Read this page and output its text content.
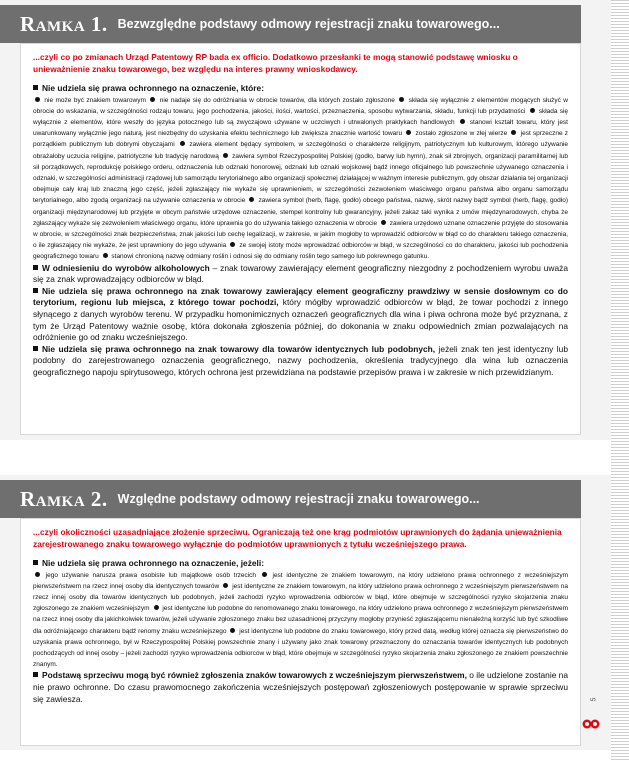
Ramka 1. Bezwzględne podstawy odmowy rejestracji znaku towarowego...
...czyli co po zmianach Urząd Patentowy RP bada ex officio. Dodatkowo przesłanki te mogą stanowić podstawę wniosku o unieważnienie znaku towarowego, bez względu na interes prawny wnioskodawcy.
Nie udziela się prawa ochronnego na oznaczenie, które:
nie może być znakiem towarowym nie nadaje się do odróżniania w obrocie towarów, dla których zostało zgłoszone składa się wyłącznie z elementów mogących służyć w obrocie do wskazania, w szczególności rodzaju towaru, jego pochodzenia, jakości, ilości, wartości, przeznaczenia, sposobu wytwarzania, składu, funkcji lub przydatności składa się wyłącznie z elementów, które weszły do języka potocznego lub są zwyczajowo używane w uczciwych i utrwalonych praktykach handlowych stanowi kształt towaru, który jest uwarunkowany wyłącznie jego naturą, jest niezbędny do uzyskania efektu technicznego lub zwiększa znacznie wartość towaru zostało zgłoszone w złej wierze jest sprzeczne z porządkiem publicznym lub dobrymi obyczajami zawiera element będący symbolem, w szczególności o charakterze religijnym, patriotycznym lub kulturowym, którego używanie obrażałoby uczucia religijne, patriotyczne lub tradycję narodową zawiera symbol Rzeczypospolitej Polskiej (godło, barwy lub hymn), znak sił zbrojnych, organizacji paramilitarnej lub sił porządkowych, reprodukcję polskiego orderu, odznaczenia lub odznaki honorowej, odznaki lub oznaki wojskowej bądź innego oficjalnego lub powszechnie używanego oznaczenia i odznaki, w szczególności administracji rządowej lub samorządu terytorialnego albo organizacji społecznej działającej w ważnym interesie publicznym, gdy obszar działania tej organizacji obejmuje cały kraj lub znaczną jego część, jeżeli zgłaszający nie wykaże się uprawnieniem, w szczególności zezwoleniem właściwego organu państwa albo organu samorządu terytorialnego, albo zgodą organizacji na używanie oznaczenia w obrocie zawiera symbol (herb, flagę, godło) obcego państwa, nazwę, skrót nazwy bądź symbol (herb, flagę, godło) organizacji międzynarodowej lub przyjęte w obcym państwie urzędowe oznaczenie, stempel kontrolny lub gwarancyjny, jeżeli zakaz taki wynika z umów międzynarodowych, chyba że zgłaszający wykaże się zezwoleniem właściwego organu, które uprawnia go do używania takiego oznaczenia w obrocie zawiera urzędowo uznane oznaczenie przyjęte do stosowania w obrocie, w szczególności znak bezpieczeństwa, znak jakości lub cechę legalizacji, w zakresie, w jakim mogłoby to wprowadzić odbiorców w błąd co do charakteru takiego oznaczenia, o ile zgłaszający nie wykaże, że jest uprawniony do jego używania ze swojej istoty może wprowadzać odbiorców w błąd, w szczególności co do charakteru, jakości lub pochodzenia geograficznego towaru stanowi chronioną nazwę odmiany roślin i odnosi się do odmiany roślin tego samego lub pokrewnego gatunku.
W odniesieniu do wyrobów alkoholowych – znak towarowy zawierający element geograficzny niezgodny z pochodzeniem wyrobu uważa się za znak wprowadzający odbiorców w błąd.
Nie udziela się prawa ochronnego na znak towarowy zawierający element geograficzny prawdziwy w sensie dosłownym co do terytorium, regionu lub miejsca, z którego towar pochodzi, który mógłby wprowadzić odbiorców w błąd, że towar pochodzi z innego słynącego z danych wyrobów terenu. W przypadku homonimicznych oznaczeń geograficznych dla wina i piwa ochrona może być przyznana, z tym że Urząd Patentowy ważnie osobę, która dokonała zgłoszenia później, do dokonania w znaku odpowiednich zmian pozwalających na odróżnienie go od znaku wcześniejszego.
Nie udziela się prawa ochronnego na znak towarowy dla towarów identycznych lub podobnych, jeżeli znak ten jest identyczny lub podobny do zarejestrowanego oznaczenia geograficznego, nazwy pochodzenia, określenia tradycyjnego dla wina lub oznaczenia geograficznego napoju spirytusowego, których ochrona jest przewidziana na podstawie przepisów prawa i w zakresie w nich przewidzianym.
Ramka 2. Względne podstawy odmowy rejestracji znaku towarowego...
...czyli okoliczności uzasadniające złożenie sprzeciwu. Ograniczają też one krąg podmiotów uprawnionych do żądania unieważnienia zarejestrowanego znaku towarowego wyłącznie do podmiotów uprawnionych z tytułu wcześniejszego prawa.
Nie udziela się prawa ochronnego na oznaczenie, jeżeli:
jego używanie narusza prawa osobiste lub majątkowe osób trzecich	jest identyczne ze znakiem towarowym, na który udzielono prawa ochronnego z wcześniejszym pierwszeństwem na rzecz innej osoby dla identycznych towarów jest identyczne ze znakiem towarowym, na który udzielono prawa ochronnego z wcześniejszym pierwszeństwem na rzecz innej osoby dla towarów identycznych lub podobnych, jeżeli zachodzi ryzyko wprowadzenia odbiorców w błąd, które obejmuje w szczególności ryzyko skojarzenia znaku zgłoszonego ze znakiem wcześniejszym jest identyczne lub podobne do renomowanego znaku towarowego, na który udzielono prawa ochronnego z wcześniejszym pierwszeństwem na rzecz innej osoby dla jakichkolwiek towarów, jeżeli używanie zgłoszonego znaku bez uzasadnionej przyczyny mogłoby przynieść zgłaszającemu nienależną korzyść lub być szkodliwe dla odróżniającego charakteru bądź renomy znaku wcześniejszego jest identyczne lub podobne do znaku towarowego, który przed datą, według której oznacza się pierwszeństwo do uzyskania prawa ochronnego, był w Rzeczypospolitej Polskiej powszechnie znany i używany jako znak towarowy przeznaczony do oznaczania towarów identycznych lub podobnych pochodzących od innej osoby – jeżeli zachodzi ryzyko wprowadzenia odbiorców w błąd, które obejmuje w szczególności ryzyko skojarzenia znaku zgłoszonego ze znakiem powszechnie znanym.
Podstawą sprzeciwu mogą być również zgłoszenia znaków towarowych z wcześniejszym pierwszeństwem, o ile udzielone zostanie na nie prawo ochronne. Do czasu prawomocnego zakończenia wcześniejszych postępowań zgłoszeniowych postępowanie w sprawie sprzeciwu się zawiesza.	5
